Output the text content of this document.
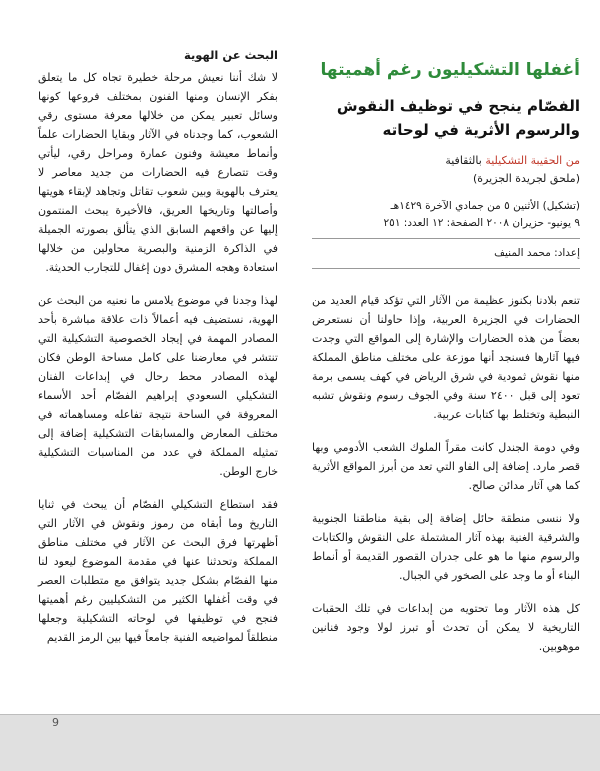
أغفلها التشكيليون رغم أهميتها
الفصّام ينجح في توظيف النقوش والرسوم الأثرية في لوحاته

من الحقيبة التشكيلية بالثقافية

(ملحق لجريدة الجزيرة)

(تشكيل) الأثنين ٥ من جمادي الآخرة ١٤٢٩هـ
٩ يونيو- حزيران ٢٠٠٨ الصفحة: ١٢ العدد: ٢٥١
إعداد: محمد المنيف

تنعم بلادنا بكنوز عظيمة من الآثار التي تؤكد قيام العديد من الحضارات في الجزيرة العربية، وإذا حاولنا أن نستعرض بعضاً من هذه الحضارات والإشارة إلى المواقع التي وجدت فيها آثارها فسنجد أنها موزعة على مختلف مناطق المملكة منها نقوش ثمودية في شرق الرياض في كهف يسمى برمة تعود إلى قبل ٢٤٠٠ سنة وفي الجوف رسوم ونقوش تشبه النبطية وتختلط بها كتابات عربية.

وفي دومة الجندل كانت مقراً الملوك الشعب الأدومي وبها قصر مارد. إضافة إلى الفاو التي تعد من أبرز المواقع الأثرية كما هي آثار مدائن صالح.

ولا ننسى منطقة حائل إضافة إلى بقية مناطقنا الجنوبية والشرقية الغنية بهذه آثار المشتملة على النقوش والكتابات والرسوم منها ما هو على جدران القصور القديمة أو أنماط البناء أو ما وجد على الصخور في الجبال.

كل هذه الآثار وما تحتويه من إبداعات في تلك الحقبات التاريخية لا يمكن أن تحدث أو تبرز لولا وجود فنانين موهوبين.

البحث عن الهوية

لا شك أننا نعيش مرحلة خطيرة تجاه كل ما يتعلق بفكر الإنسان ومنها الفنون بمختلف فروعها كونها وسائل تعبير يمكن من خلالها معرفة مستوى رقي الشعوب، كما وجدناه في الآثار وبقايا الحضارات علماً وأنماط معيشة وفنون عمارة ومراحل رقي، ليأتي وقت تتصارع فيه الحضارات من جديد معاصر لا يعترف بالهوية وبين شعوب تقاتل وتجاهد لإبقاء هويتها وأصالتها وتاريخها العريق، فالأخيرة يبحث المنتمون إليها عن واقعهم السابق الذي يتألق بصورته الجميلة في الذاكرة الزمنية والبصرية محاولين من خلالها استعادة وهجه المشرق دون إغفال للتجارب الحديثة.

لهذا وجدنا في موضوع يلامس ما نعنيه من البحث عن الهوية، نستضيف فيه أعمالاً ذات علاقة مباشرة بأحد المصادر المهمة في إيجاد الخصوصية التشكيلية التي تنتشر في معارضنا على كامل مساحة الوطن فكان لهذه المصادر محط رحال في إبداعات الفنان التشكيلي السعودي إبراهيم الفصّام أحد الأسماء المعروفة في الساحة نتيجة تفاعله ومساهماته في مختلف المعارض والمسابقات التشكيلية إضافة إلى تمثيله المملكة في عدد من المناسبات التشكيلية خارج الوطن.

فقد استطاع التشكيلي الفصّام أن يبحث في ثنايا التاريخ وما أبقاه من رموز ونقوش في الآثار التي أظهرتها فرق البحث عن الآثار في مختلف مناطق المملكة وتحدثنا عنها في مقدمة الموضوع ليعود لنا منها الفصّام بشكل جديد يتوافق مع متطلبات العصر في وقت أغفلها الكثير من التشكيليين رغم أهميتها فنجح في توظيفها في لوحاته التشكيلية وجعلها منطلقاً لمواضيعه الفنية جامعاً فيها بين الرمز القديم

9
